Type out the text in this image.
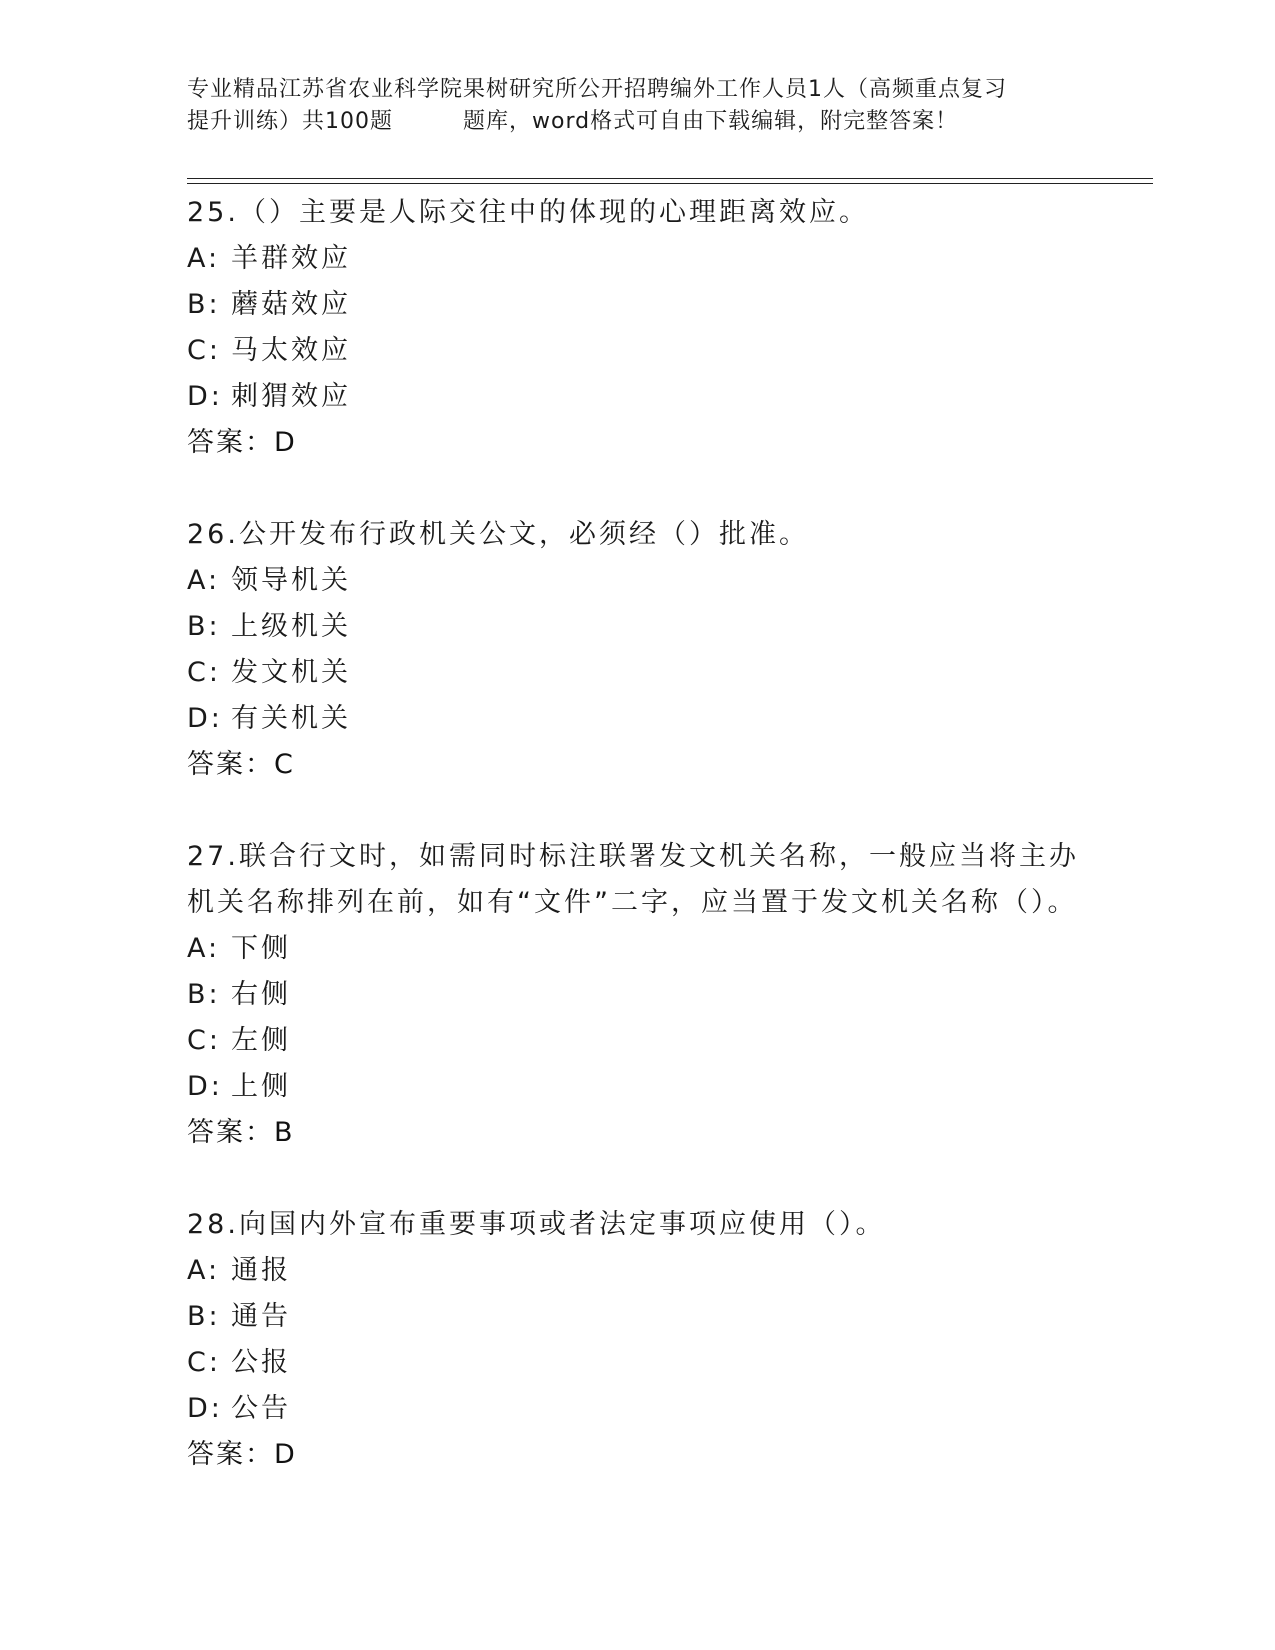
专业精品江苏省农业科学院果树研究所公开招聘编外工作人员1人（高频重点复习
提升训练）共100题	题库，word格式可自由下载编辑，附完整答案！
25.（）主要是人际交往中的体现的心理距离效应。
A: 羊群效应
B: 蘑菇效应
C: 马太效应
D: 刺猬效应
答案：D
26.公开发布行政机关公文，必须经（）批准。
A: 领导机关
B: 上级机关
C: 发文机关
D: 有关机关
答案：C
27.联合行文时，如需同时标注联署发文机关名称，一般应当将主办机关名称排列在前，如有“文件”二字，应当置于发文机关名称（）。
A: 下侧
B: 右侧
C: 左侧
D: 上侧
答案：B
28.向国内外宣布重要事项或者法定事项应使用（）。
A: 通报
B: 通告
C: 公报
D: 公告
答案：D
